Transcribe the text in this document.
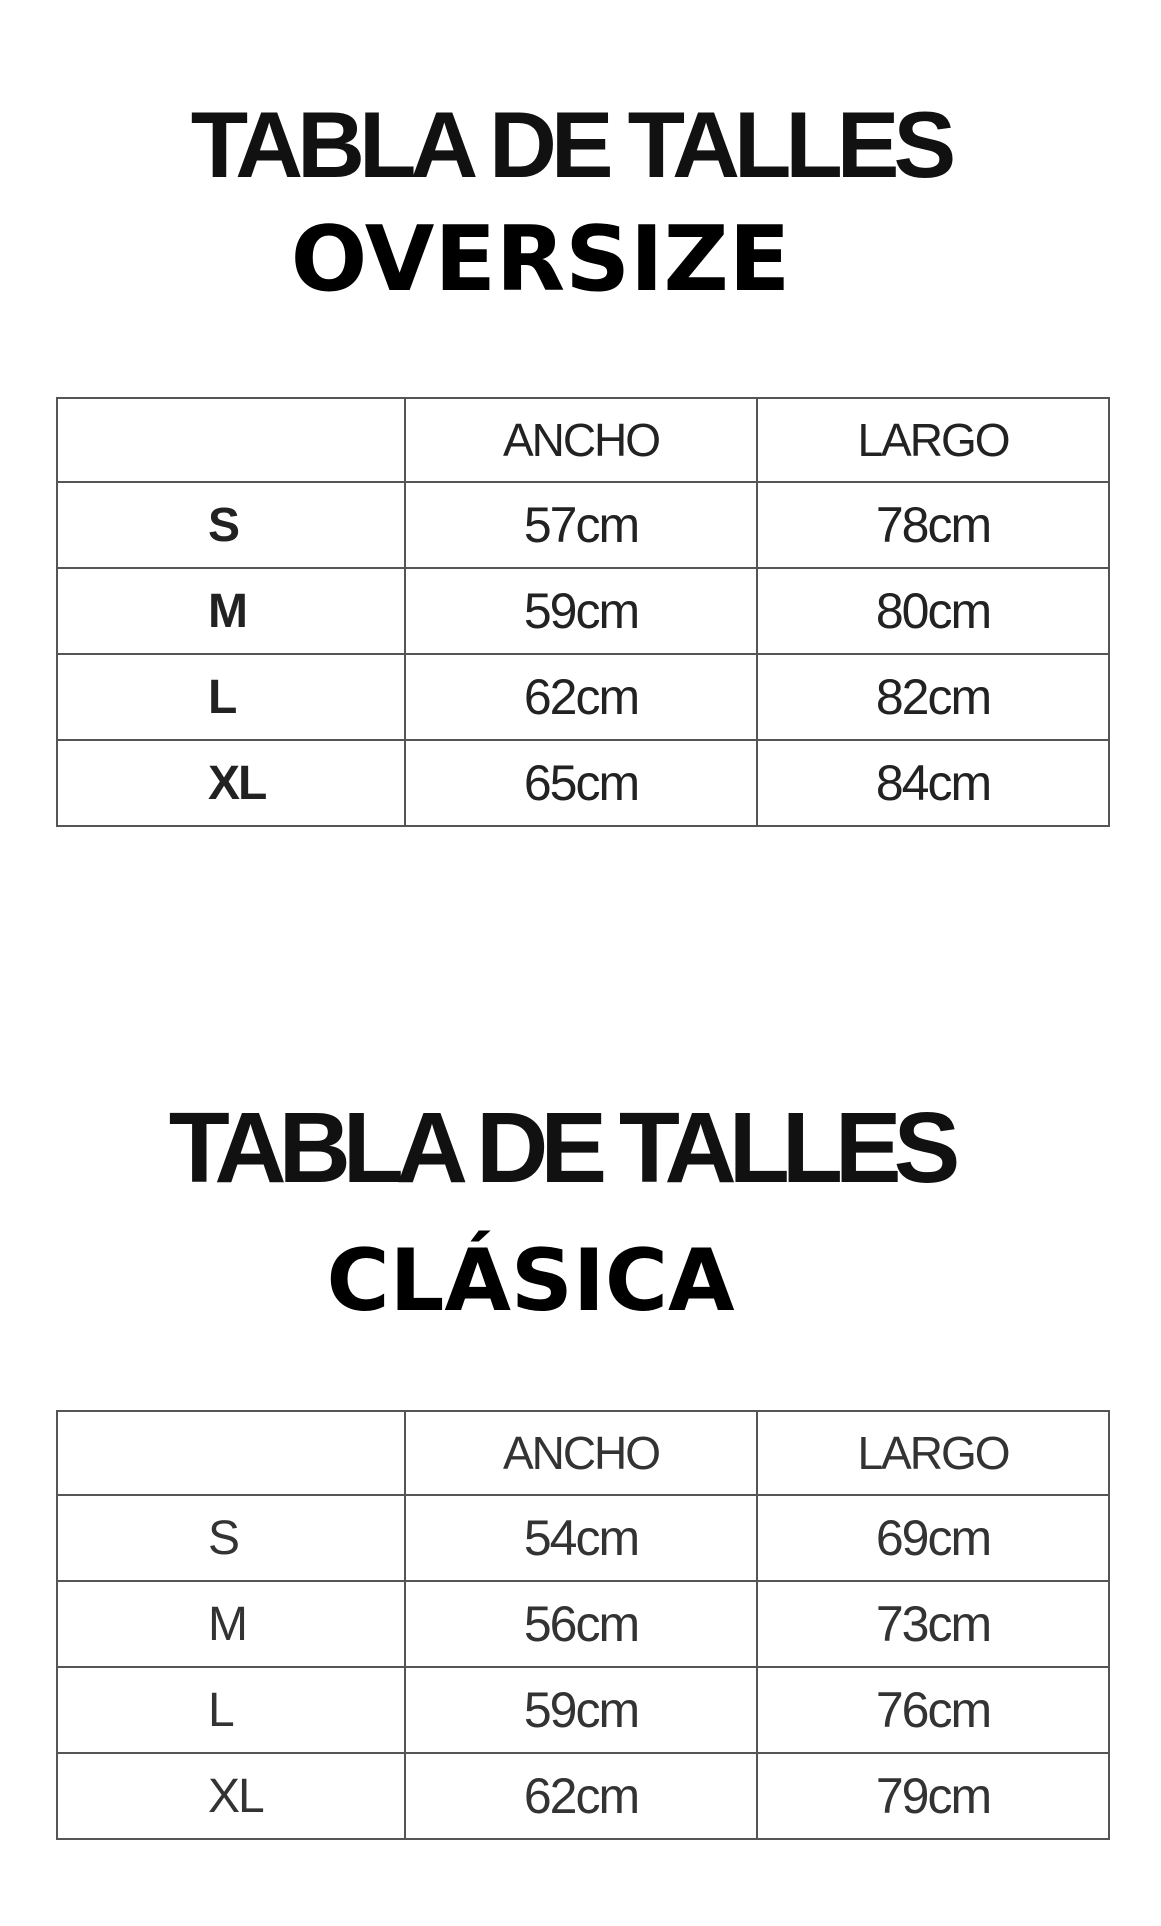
TABLA DE TALLES
OVERSIZE
	ANCHO	LARGO
S	57cm	78cm
M	59cm	80cm
L	62cm	82cm
XL	65cm	84cm
TABLA DE TALLES
CLÁSICA
	ANCHO	LARGO
S	54cm	69cm
M	56cm	73cm
L	59cm	76cm
XL	62cm	79cm
